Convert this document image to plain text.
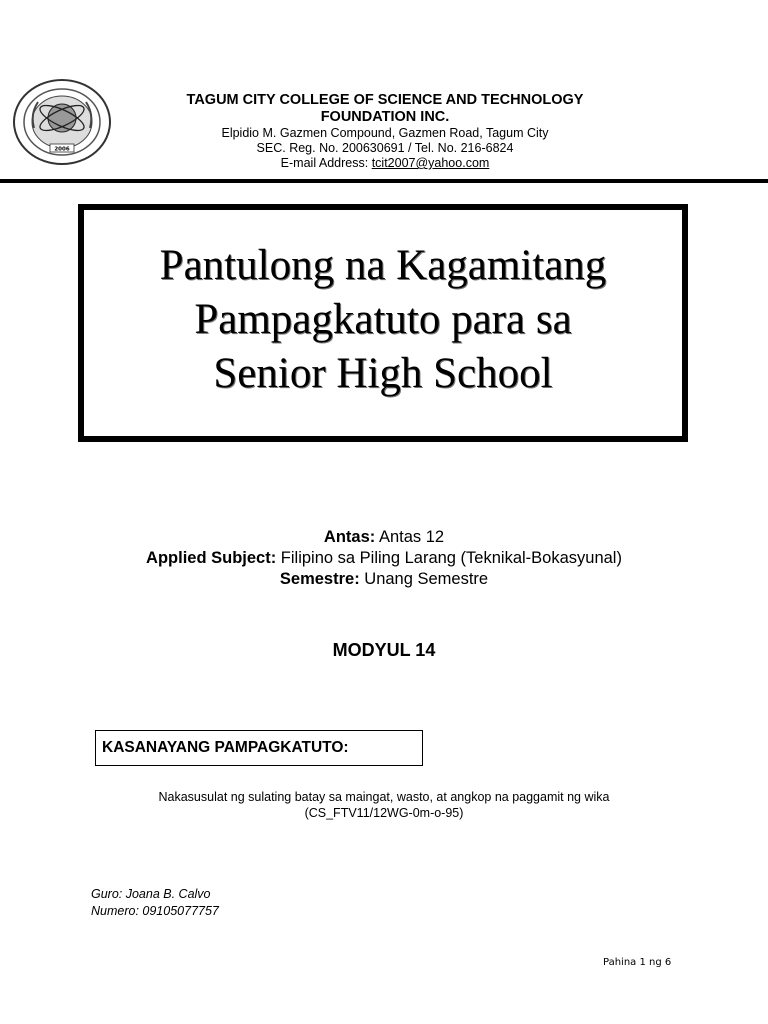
2006
TAGUM CITY COLLEGE OF SCIENCE AND TECHNOLOGY
FOUNDATION INC.
Elpidio M. Gazmen Compound, Gazmen Road, Tagum City
SEC. Reg. No. 200630691 / Tel. No. 216-6824
E-mail Address: tcit2007@yahoo.com
Pantulong na Kagamitang
Pampagkatuto para sa
Senior High School
Antas: Antas 12
Applied Subject: Filipino sa Piling Larang (Teknikal-Bokasyunal)
Semestre: Unang Semestre
MODYUL 14
KASANAYANG PAMPAGKATUTO:
Nakasusulat ng sulating batay sa maingat, wasto, at angkop na paggamit ng wika
(CS_FTV11/12WG-0m-o-95)
Guro: Joana B. Calvo
Numero: 09105077757
Pahina 1 ng 6
